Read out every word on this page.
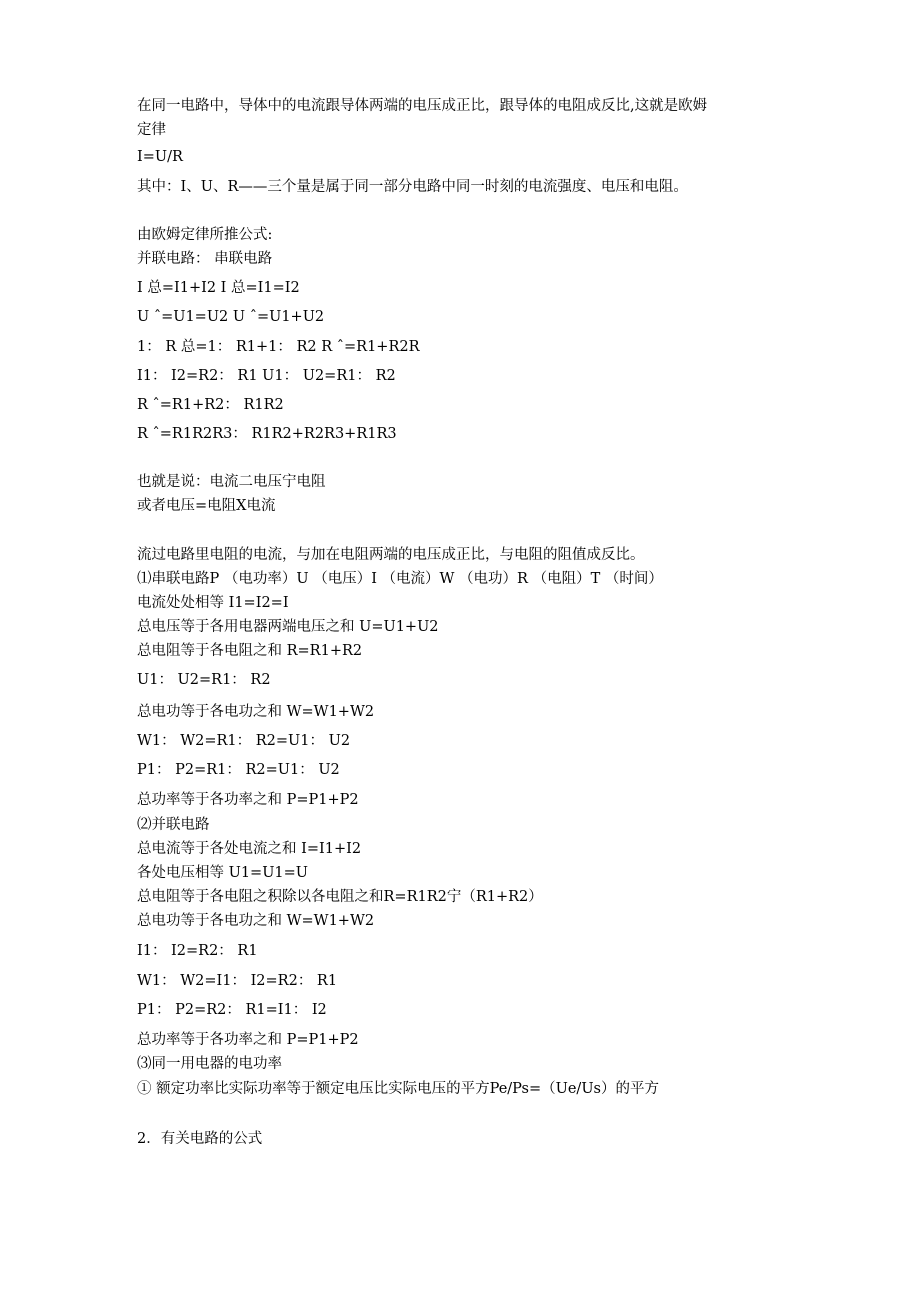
在同一电路中，导体中的电流跟导体两端的电压成正比，跟导体的电阻成反比,这就是欧姆
定律
I=U/R
其中：I、U、R——三个量是属于同一部分电路中同一时刻的电流强度、电压和电阻。
由欧姆定律所推公式:
并联电路： 串联电路
I 总=I1+I2 I 总=I1=I2
U ˆ=U1=U2 U ˆ=U1+U2
1： R 总=1： R1+1： R2 R ˆ=R1+R2R
I1： I2=R2： R1 U1： U2=R1： R2
R ˆ=R1+R2： R1R2
R ˆ=R1R2R3： R1R2+R2R3+R1R3
也就是说：电流二电压宁电阻
或者电压=电阻X电流
流过电路里电阻的电流，与加在电阻两端的电压成正比，与电阻的阻值成反比。
⑴串联电路P （电功率）U （电压）I （电流）W （电功）R （电阻）T （时间）
电流处处相等 I1=I2=I
总电压等于各用电器两端电压之和 U=U1+U2
总电阻等于各电阻之和 R=R1+R2
U1： U2=R1： R2
总电功等于各电功之和 W=W1+W2
W1： W2=R1： R2=U1： U2
P1： P2=R1： R2=U1： U2
总功率等于各功率之和 P=P1+P2
⑵并联电路
总电流等于各处电流之和 I=I1+I2
各处电压相等 U1=U1=U
总电阻等于各电阻之积除以各电阻之和R=R1R2宁（R1+R2）
总电功等于各电功之和 W=W1+W2
I1： I2=R2： R1
W1： W2=I1： I2=R2： R1
P1： P2=R2： R1=I1： I2
总功率等于各功率之和 P=P1+P2
⑶同一用电器的电功率
① 额定功率比实际功率等于额定电压比实际电压的平方Pe/Ps=（Ue/Us）的平方
2．有关电路的公式
